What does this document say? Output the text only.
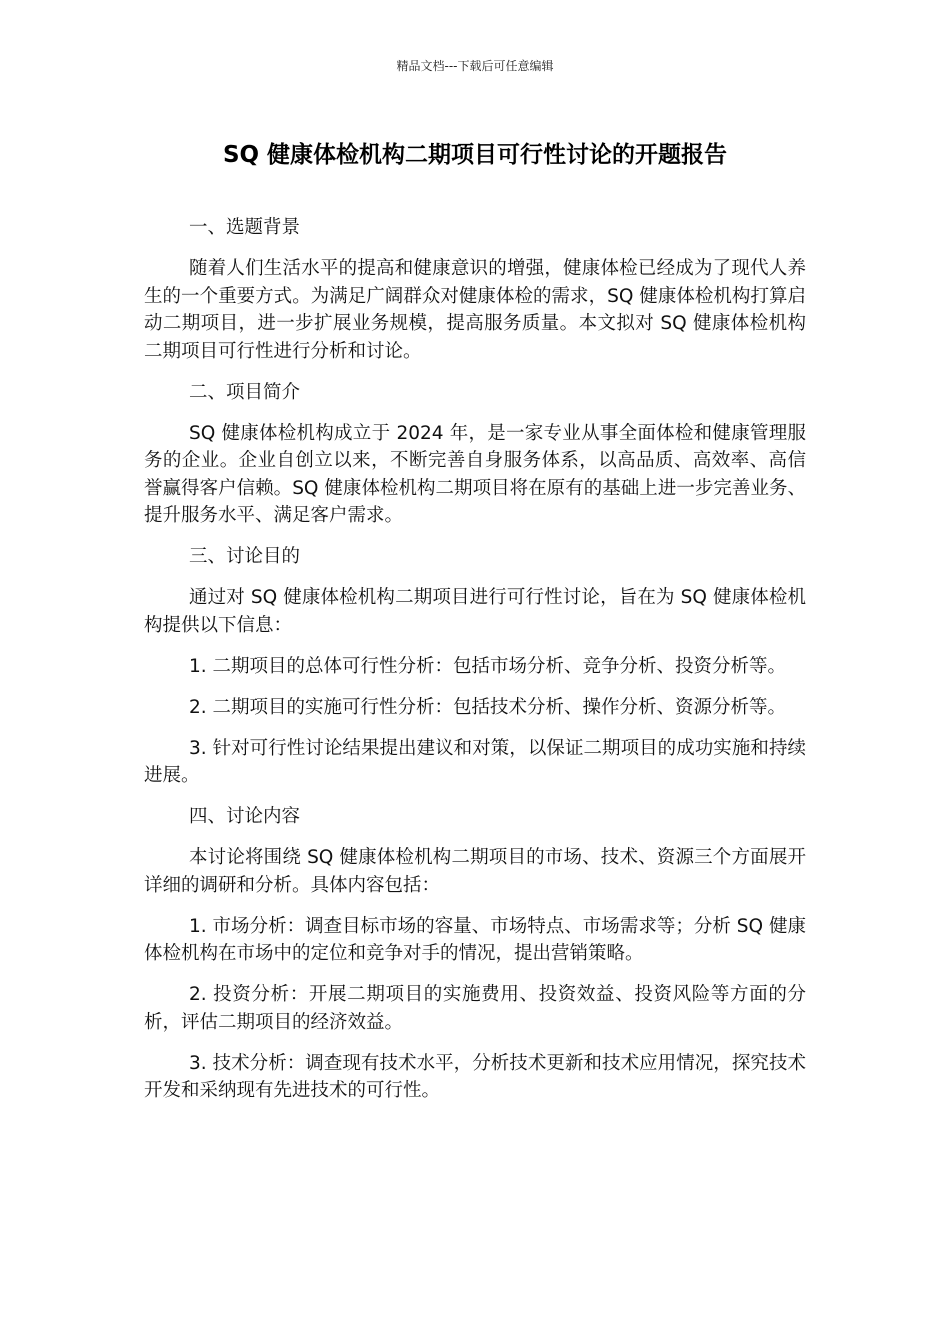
精品文档---下载后可任意编辑
SQ 健康体检机构二期项目可行性讨论的开题报告

一、选题背景

随着人们生活水平的提高和健康意识的增强，健康体检已经成为了现代人养生的一个重要方式。为满足广阔群众对健康体检的需求，SQ 健康体检机构打算启动二期项目，进一步扩展业务规模，提高服务质量。本文拟对 SQ 健康体检机构二期项目可行性进行分析和讨论。

二、项目简介

SQ 健康体检机构成立于 2024 年，是一家专业从事全面体检和健康管理服务的企业。企业自创立以来，不断完善自身服务体系，以高品质、高效率、高信誉赢得客户信赖。SQ 健康体检机构二期项目将在原有的基础上进一步完善业务、提升服务水平、满足客户需求。

三、讨论目的

通过对 SQ 健康体检机构二期项目进行可行性讨论，旨在为 SQ 健康体检机构提供以下信息：

1. 二期项目的总体可行性分析：包括市场分析、竞争分析、投资分析等。

2. 二期项目的实施可行性分析：包括技术分析、操作分析、资源分析等。

3. 针对可行性讨论结果提出建议和对策，以保证二期项目的成功实施和持续进展。

四、讨论内容

本讨论将围绕 SQ 健康体检机构二期项目的市场、技术、资源三个方面展开详细的调研和分析。具体内容包括：

1. 市场分析：调查目标市场的容量、市场特点、市场需求等；分析 SQ 健康体检机构在市场中的定位和竞争对手的情况，提出营销策略。

2. 投资分析：开展二期项目的实施费用、投资效益、投资风险等方面的分析，评估二期项目的经济效益。

3. 技术分析：调查现有技术水平，分析技术更新和技术应用情况，探究技术开发和采纳现有先进技术的可行性。
